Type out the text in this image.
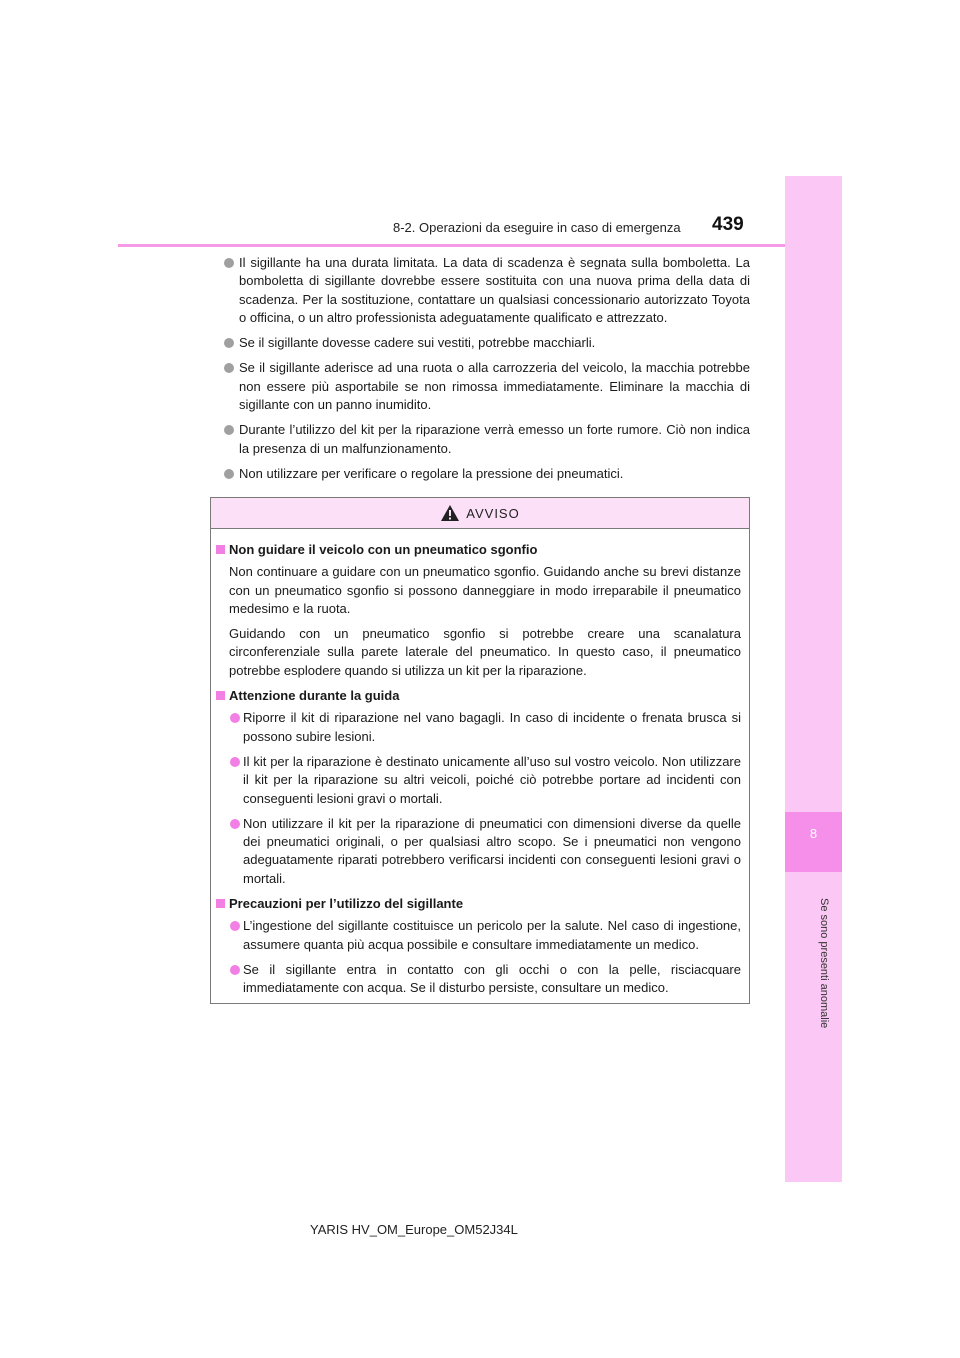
8
Se sono presenti anomalie
8-2. Operazioni da eseguire in caso di emergenza 439
Il sigillante ha una durata limitata. La data di scadenza è segnata sulla bomboletta. La bomboletta di sigillante dovrebbe essere sostituita con una nuova prima della data di scadenza. Per la sostituzione, contattare un qualsiasi concessionario autorizzato Toyota o officina, o un altro professionista adeguatamente qualificato e attrezzato.
Se il sigillante dovesse cadere sui vestiti, potrebbe macchiarli.
Se il sigillante aderisce ad una ruota o alla carrozzeria del veicolo, la macchia potrebbe non essere più asportabile se non rimossa immediatamente. Eliminare la macchia di sigillante con un panno inumidito.
Durante l’utilizzo del kit per la riparazione verrà emesso un forte rumore. Ciò non indica la presenza di un malfunzionamento.
Non utilizzare per verificare o regolare la pressione dei pneumatici.
AVVISO
Non guidare il veicolo con un pneumatico sgonfio
Non continuare a guidare con un pneumatico sgonfio. Guidando anche su brevi distanze con un pneumatico sgonfio si possono danneggiare in modo irreparabile il pneumatico medesimo e la ruota.
Guidando con un pneumatico sgonfio si potrebbe creare una scanalatura circonferenziale sulla parete laterale del pneumatico. In questo caso, il pneumatico potrebbe esplodere quando si utilizza un kit per la riparazione.
Attenzione durante la guida
Riporre il kit di riparazione nel vano bagagli. In caso di incidente o frenata brusca si possono subire lesioni.
Il kit per la riparazione è destinato unicamente all’uso sul vostro veicolo. Non utilizzare il kit per la riparazione su altri veicoli, poiché ciò potrebbe portare ad incidenti con conseguenti lesioni gravi o mortali.
Non utilizzare il kit per la riparazione di pneumatici con dimensioni diverse da quelle dei pneumatici originali, o per qualsiasi altro scopo. Se i pneumatici non vengono adeguatamente riparati potrebbero verificarsi incidenti con conseguenti lesioni gravi o mortali.
Precauzioni per l’utilizzo del sigillante
L’ingestione del sigillante costituisce un pericolo per la salute. Nel caso di ingestione, assumere quanta più acqua possibile e consultare immediatamente un medico.
Se il sigillante entra in contatto con gli occhi o con la pelle, risciacquare immediatamente con acqua. Se il disturbo persiste, consultare un medico.
YARIS HV_OM_Europe_OM52J34L
